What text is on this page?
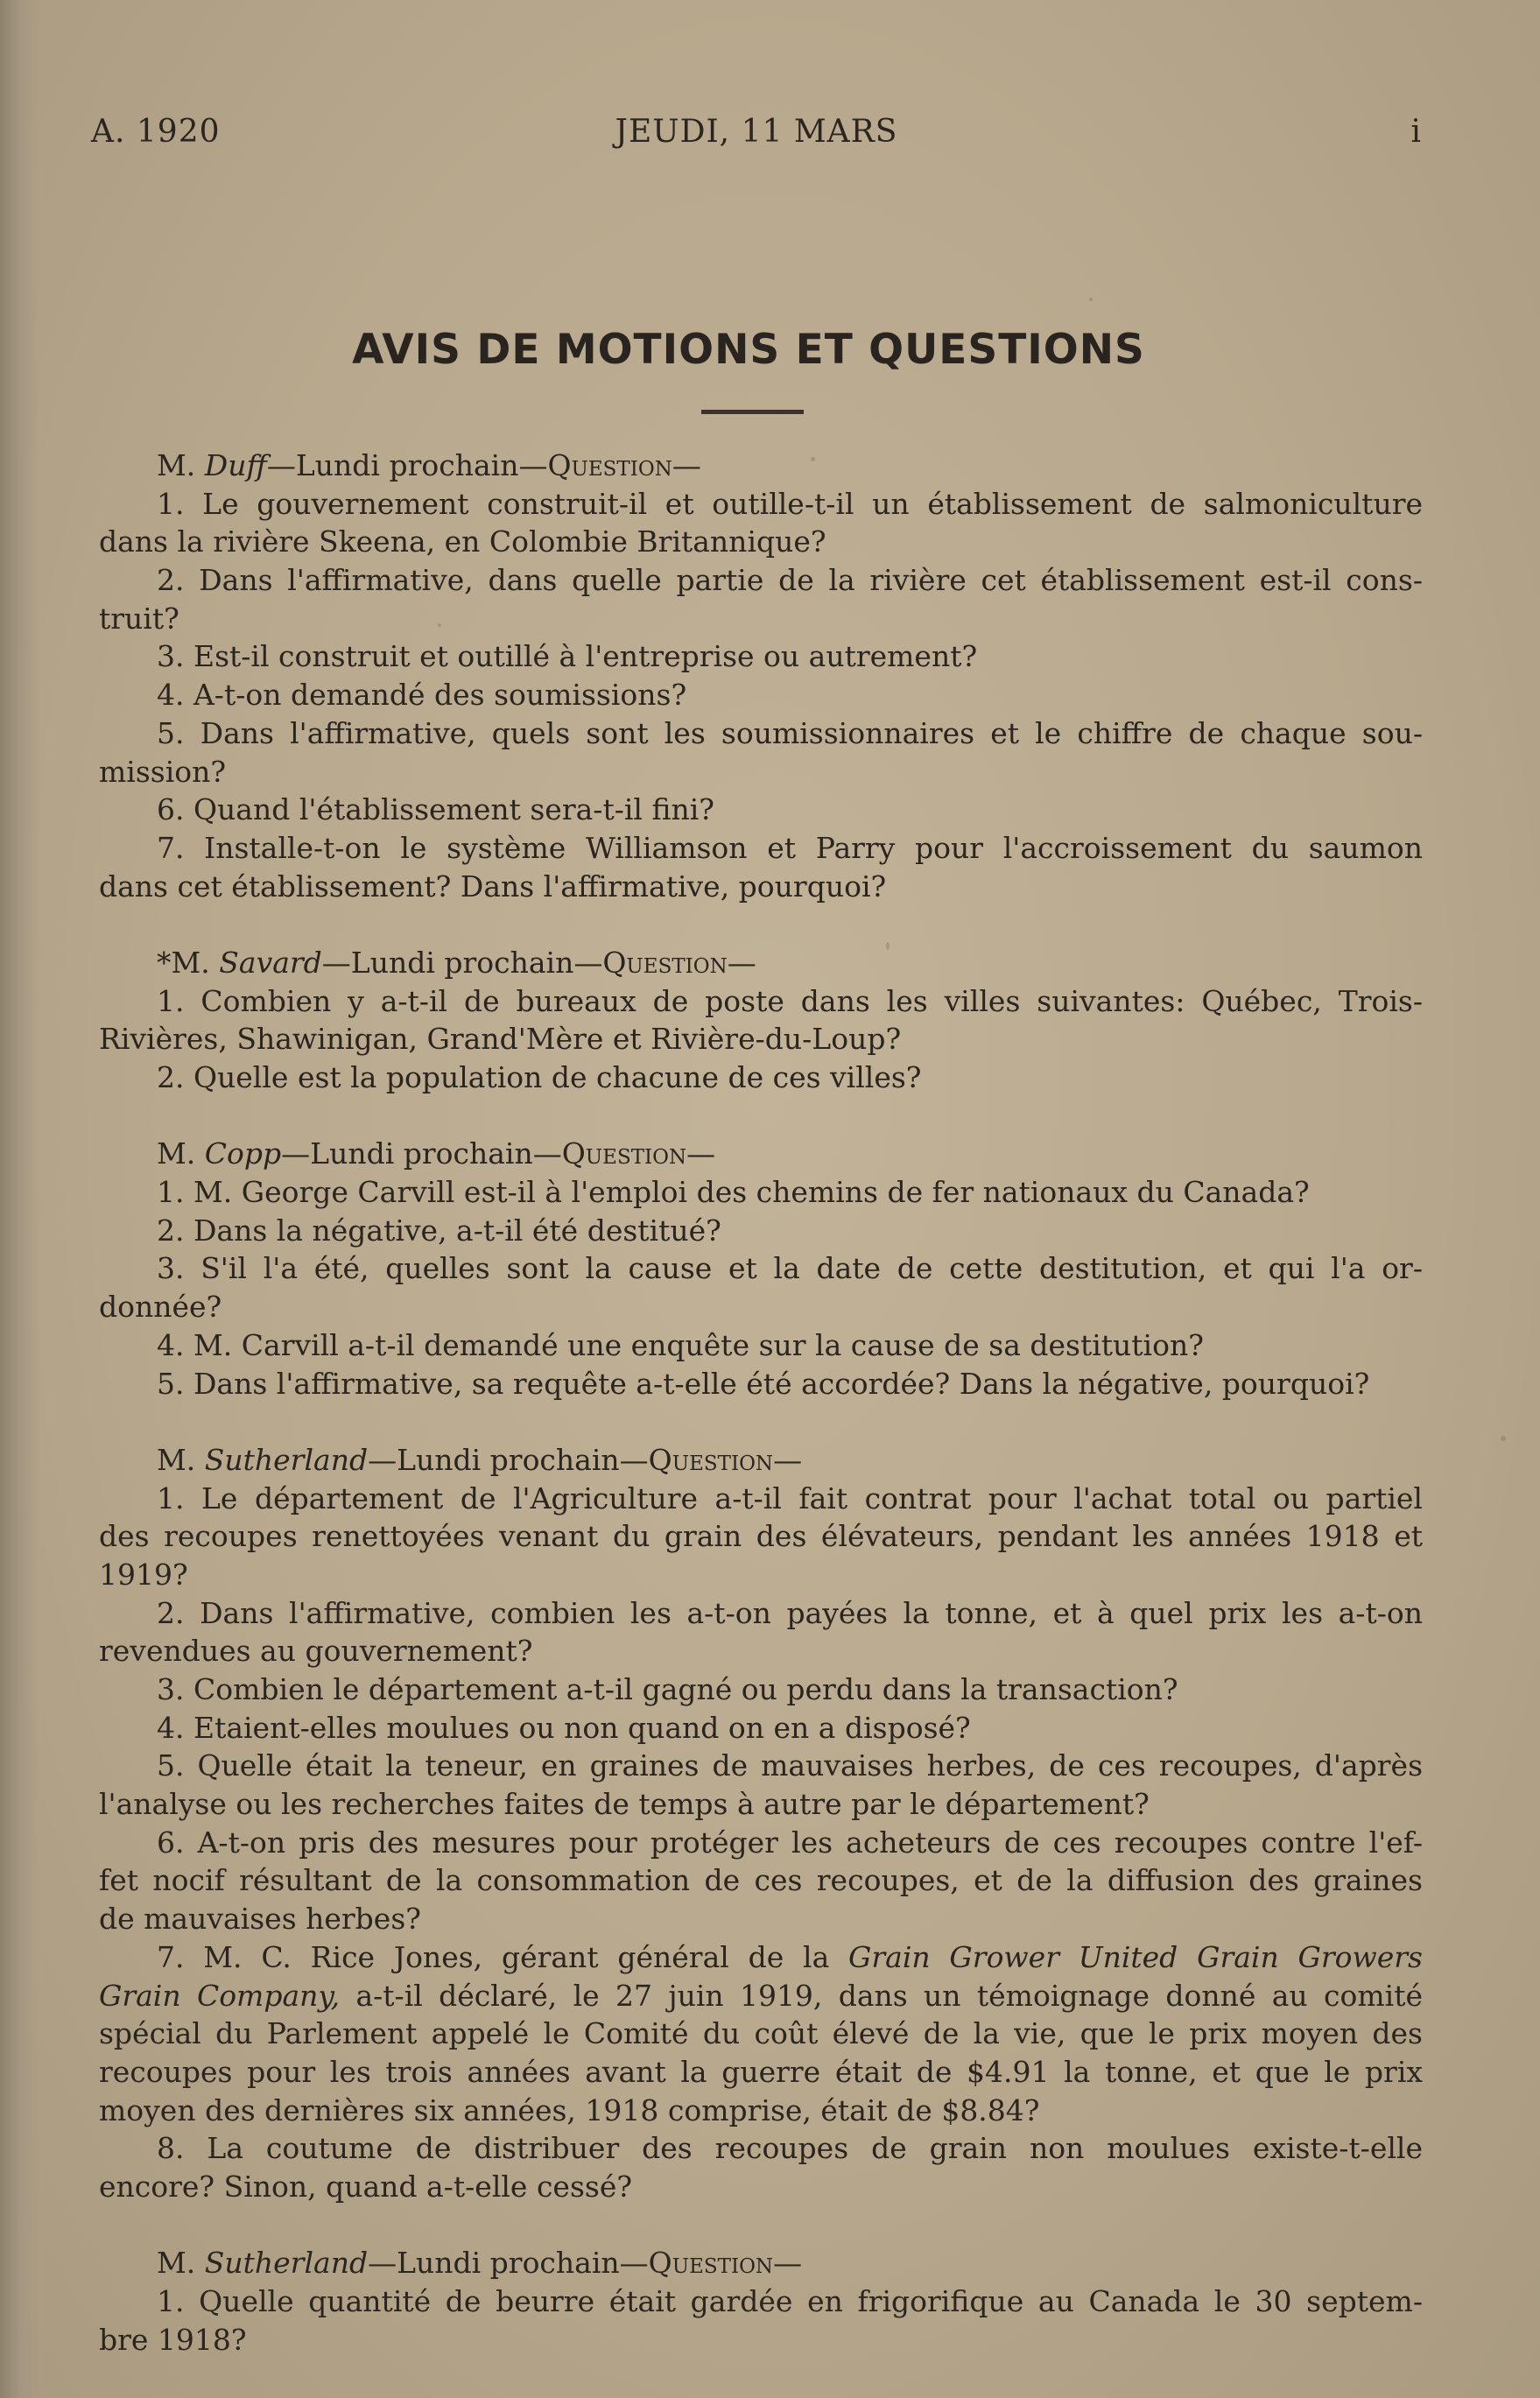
A. 1920	JEUDI, 11 MARS	i
AVIS DE MOTIONS ET QUESTIONS
M. Duff—Lundi prochain—Question—
1. Le gouvernement construit-il et outille-t-il un établissement de salmoniculture
dans la rivière Skeena, en Colombie Britannique?
2. Dans l'affirmative, dans quelle partie de la rivière cet établissement est-il cons-
truit?
3. Est-il construit et outillé à l'entreprise ou autrement?
4. A-t-on demandé des soumissions?
5. Dans l'affirmative, quels sont les soumissionnaires et le chiffre de chaque sou-
mission?
6. Quand l'établissement sera-t-il fini?
7. Installe-t-on le système Williamson et Parry pour l'accroissement du saumon
dans cet établissement? Dans l'affirmative, pourquoi?
*M. Savard—Lundi prochain—Question—
1. Combien y a-t-il de bureaux de poste dans les villes suivantes: Québec, Trois-
Rivières, Shawinigan, Grand'Mère et Rivière-du-Loup?
2. Quelle est la population de chacune de ces villes?
M. Copp—Lundi prochain—Question—
1. M. George Carvill est-il à l'emploi des chemins de fer nationaux du Canada?
2. Dans la négative, a-t-il été destitué?
3. S'il l'a été, quelles sont la cause et la date de cette destitution, et qui l'a or-
donnée?
4. M. Carvill a-t-il demandé une enquête sur la cause de sa destitution?
5. Dans l'affirmative, sa requête a-t-elle été accordée? Dans la négative, pourquoi?
M. Sutherland—Lundi prochain—Question—
1. Le département de l'Agriculture a-t-il fait contrat pour l'achat total ou partiel
des recoupes renettoyées venant du grain des élévateurs, pendant les années 1918 et
1919?
2. Dans l'affirmative, combien les a-t-on payées la tonne, et à quel prix les a-t-on
revendues au gouvernement?
3. Combien le département a-t-il gagné ou perdu dans la transaction?
4. Etaient-elles moulues ou non quand on en a disposé?
5. Quelle était la teneur, en graines de mauvaises herbes, de ces recoupes, d'après
l'analyse ou les recherches faites de temps à autre par le département?
6. A-t-on pris des mesures pour protéger les acheteurs de ces recoupes contre l'ef-
fet nocif résultant de la consommation de ces recoupes, et de la diffusion des graines
de mauvaises herbes?
7. M. C. Rice Jones, gérant général de la Grain Grower United Grain Growers
Grain Company, a-t-il déclaré, le 27 juin 1919, dans un témoignage donné au comité
spécial du Parlement appelé le Comité du coût élevé de la vie, que le prix moyen des
recoupes pour les trois années avant la guerre était de $4.91 la tonne, et que le prix
moyen des dernières six années, 1918 comprise, était de $8.84?
8. La coutume de distribuer des recoupes de grain non moulues existe-t-elle
encore? Sinon, quand a-t-elle cessé?
M. Sutherland—Lundi prochain—Question—
1. Quelle quantité de beurre était gardée en frigorifique au Canada le 30 septem-
bre 1918?
